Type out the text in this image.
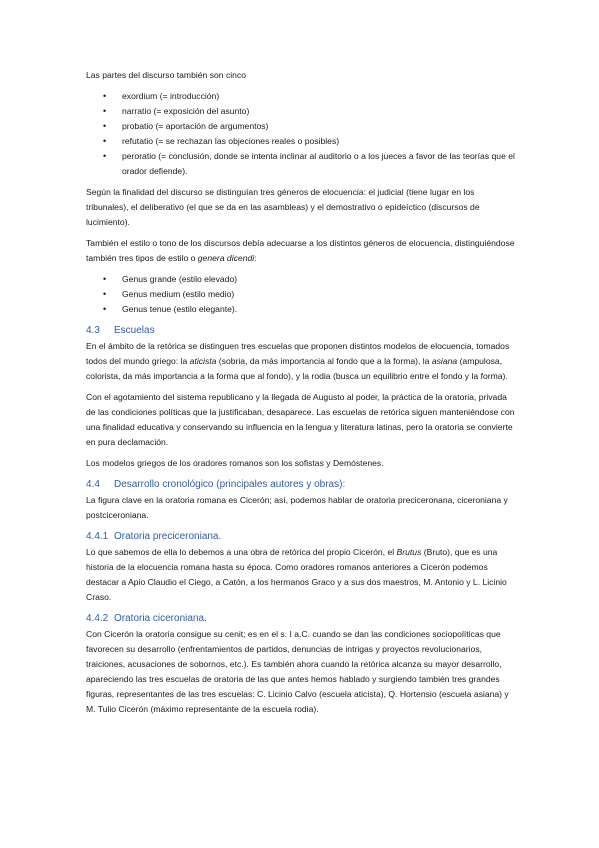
Las partes del discurso también son cinco

• exordium (= introducción)
• narratio (= exposición del asunto)
• probatio (= aportación de argumentos)
• refutatio (= se rechazan las objeciones reales o posibles)
• peroratio (= conclusión, donde se intenta inclinar al auditorio o a los jueces a favor de las teorías que el orador defiende).

Según la finalidad del discurso se distinguían tres géneros de elocuencia: el judicial (tiene lugar en los tribunales), el deliberativo (el que se da en las asambleas) y el demostrativo o epideíctico (discursos de lucimiento).

También el estilo o tono de los discursos debía adecuarse a los distintos géneros de elocuencia, distinguiéndose también tres tipos de estilo o genera dicendi:

• Genus grande (estilo elevado)
• Genus medium (estilo medio)
• Genus tenue (estilo elegante).
4.3 Escuelas

En el ámbito de la retórica se distinguen tres escuelas que proponen distintos modelos de elocuencia, tomados todos del mundo griego: la aticista (sobria, da más importancia al fondo que a la forma), la asiana (ampulosa, colorista, da más importancia a la forma que al fondo), y la rodia (busca un equilibrio entre el fondo y la forma).

Con el agotamiento del sistema republicano y la llegada de Augusto al poder, la práctica de la oratoria, privada de las condiciones políticas que la justificaban, desaparece. Las escuelas de retórica siguen manteniéndose con una finalidad educativa y conservando su influencia en la lengua y literatura latinas, pero la oratoria se convierte en pura declamación.

Los modelos griegos de los oradores romanos son los sofistas y Demóstenes.

4.4 Desarrollo cronológico (principales autores y obras):

La figura clave en la oratoria romana es Cicerón; así, podemos hablar de oratoria preciceronana, ciceroniana y postciceroniana.

4.4.1 Oratoria preciceroniana.

Lo que sabemos de ella lo debemos a una obra de retórica del propio Cicerón, el Brutus (Bruto), que es una historia de la elocuencia romana hasta su época. Como oradores romanos anteriores a Cicerón podemos destacar a Apio Claudio el Ciego, a Catón, a los hermanos Graco y a sus dos maestros, M. Antonio y L. Licinio Craso.

4.4.2 Oratoria ciceroniana.

Con Cicerón la oratoria consigue su cenit; es en el s. I a.C. cuando se dan las condiciones sociopolíticas que favorecen su desarrollo (enfrentamientos de partidos, denuncias de intrigas y proyectos revolucionarios, traiciones, acusaciones de sobornos, etc.). Es también ahora cuando la retórica alcanza su mayor desarrollo, apareciendo las tres escuelas de oratoria de las que antes hemos hablado y surgiendo también tres grandes figuras, representantes de las tres escuelas: C. Licinio Calvo (escuela aticista), Q. Hortensio (escuela asiana) y M. Tulio Cicerón (máximo representante de la escuela rodia).
